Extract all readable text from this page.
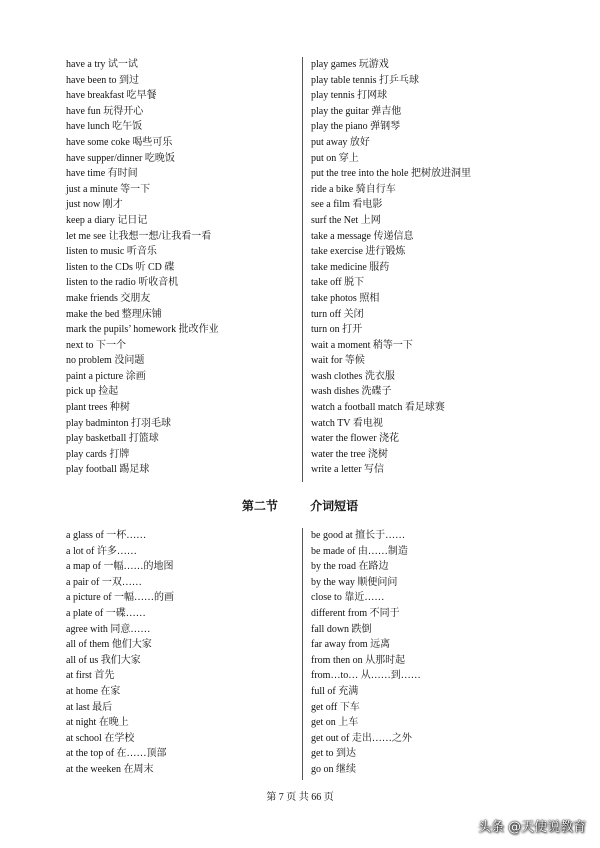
have a try 试一试
have been to 到过
have breakfast 吃早餐
have fun 玩得开心
have lunch 吃午饭
have some coke 喝些可乐
have supper/dinner 吃晚饭
have time 有时间
just a minute 等一下
just now 刚才
keep a diary 记日记
let me see 让我想一想/让我看一看
listen to music 听音乐
listen to the CDs 听 CD 碟
listen to the radio 听收音机
make friends 交朋友
make the bed 整理床铺
mark the pupils’ homework 批改作业
next to 下一个
no problem 没问题
paint a picture 涂画
pick up 捡起
plant trees 种树
play badminton 打羽毛球
play basketball 打篮球
play cards 打牌
play football 踢足球
play games 玩游戏
play table tennis 打乒乓球
play tennis 打网球
play the guitar 弹吉他
play the piano 弹钢琴
put away 放好
put on 穿上
put the tree into the hole 把树放进洞里
ride a bike 骑自行车
see a film 看电影
surf the Net 上网
take a message 传递信息
take exercise 进行锻炼
take medicine 服药
take off 脱下
take photos 照相
turn off 关闭
turn on 打开
wait a moment 稍等一下
wait for 等候
wash clothes 洗衣服
wash dishes 洗碟子
watch a football match 看足球赛
watch TV 看电视
water the flower 浇花
water the tree 浇树
write a letter 写信
第二节	介词短语
a glass of 一杯……
a lot of 许多……
a map of 一幅……的地图
a pair of 一双……
a picture of 一幅……的画
a plate of 一碟……
agree with 同意……
all of them 他们大家
all of us 我们大家
at first 首先
at home 在家
at last 最后
at night 在晚上
at school 在学校
at the top of 在……顶部
at the weeken 在周末
be good at 擅长于……
be made of 由……制造
by the road 在路边
by the way 顺便问问
close to 靠近……
different from 不同于
fall down 跌倒
far away from 远离
from then on 从那时起
from…to… 从……到……
full of 充满
get off 下车
get on 上车
get out of 走出……之外
get to 到达
go on 继续
第 7 页 共 66 页
头条 @天使说教育
